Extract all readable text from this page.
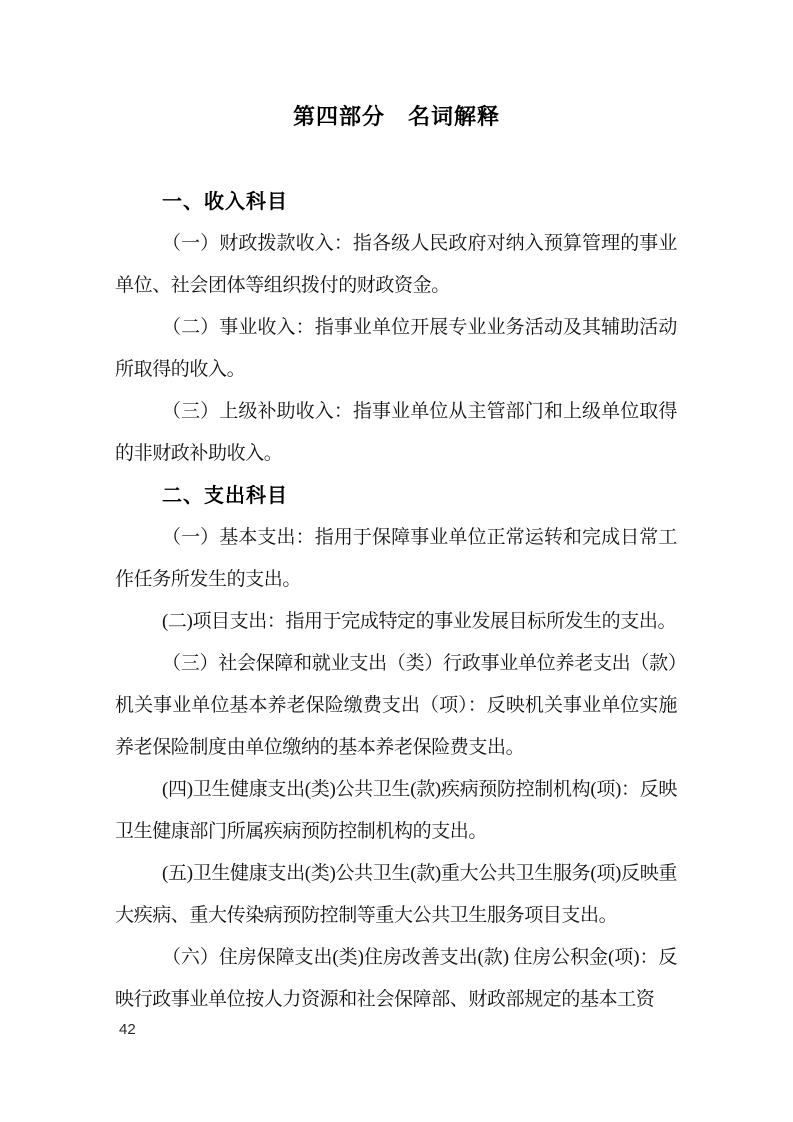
第四部分　名词解释
一、收入科目

（一）财政拨款收入：指各级人民政府对纳入预算管理的事业单位、社会团体等组织拨付的财政资金。

（二）事业收入：指事业单位开展专业业务活动及其辅助活动所取得的收入。

（三）上级补助收入：指事业单位从主管部门和上级单位取得的非财政补助收入。

二、支出科目

（一）基本支出：指用于保障事业单位正常运转和完成日常工作任务所发生的支出。

(二)项目支出：指用于完成特定的事业发展目标所发生的支出。

（三）社会保障和就业支出（类）行政事业单位养老支出（款）机关事业单位基本养老保险缴费支出（项）：反映机关事业单位实施养老保险制度由单位缴纳的基本养老保险费支出。

(四)卫生健康支出(类)公共卫生(款)疾病预防控制机构(项)：反映卫生健康部门所属疾病预防控制机构的支出。

(五)卫生健康支出(类)公共卫生(款)重大公共卫生服务(项)反映重大疾病、重大传染病预防控制等重大公共卫生服务项目支出。

（六）住房保障支出(类)住房改善支出(款) 住房公积金(项)：反映行政事业单位按人力资源和社会保障部、财政部规定的基本工资

42
